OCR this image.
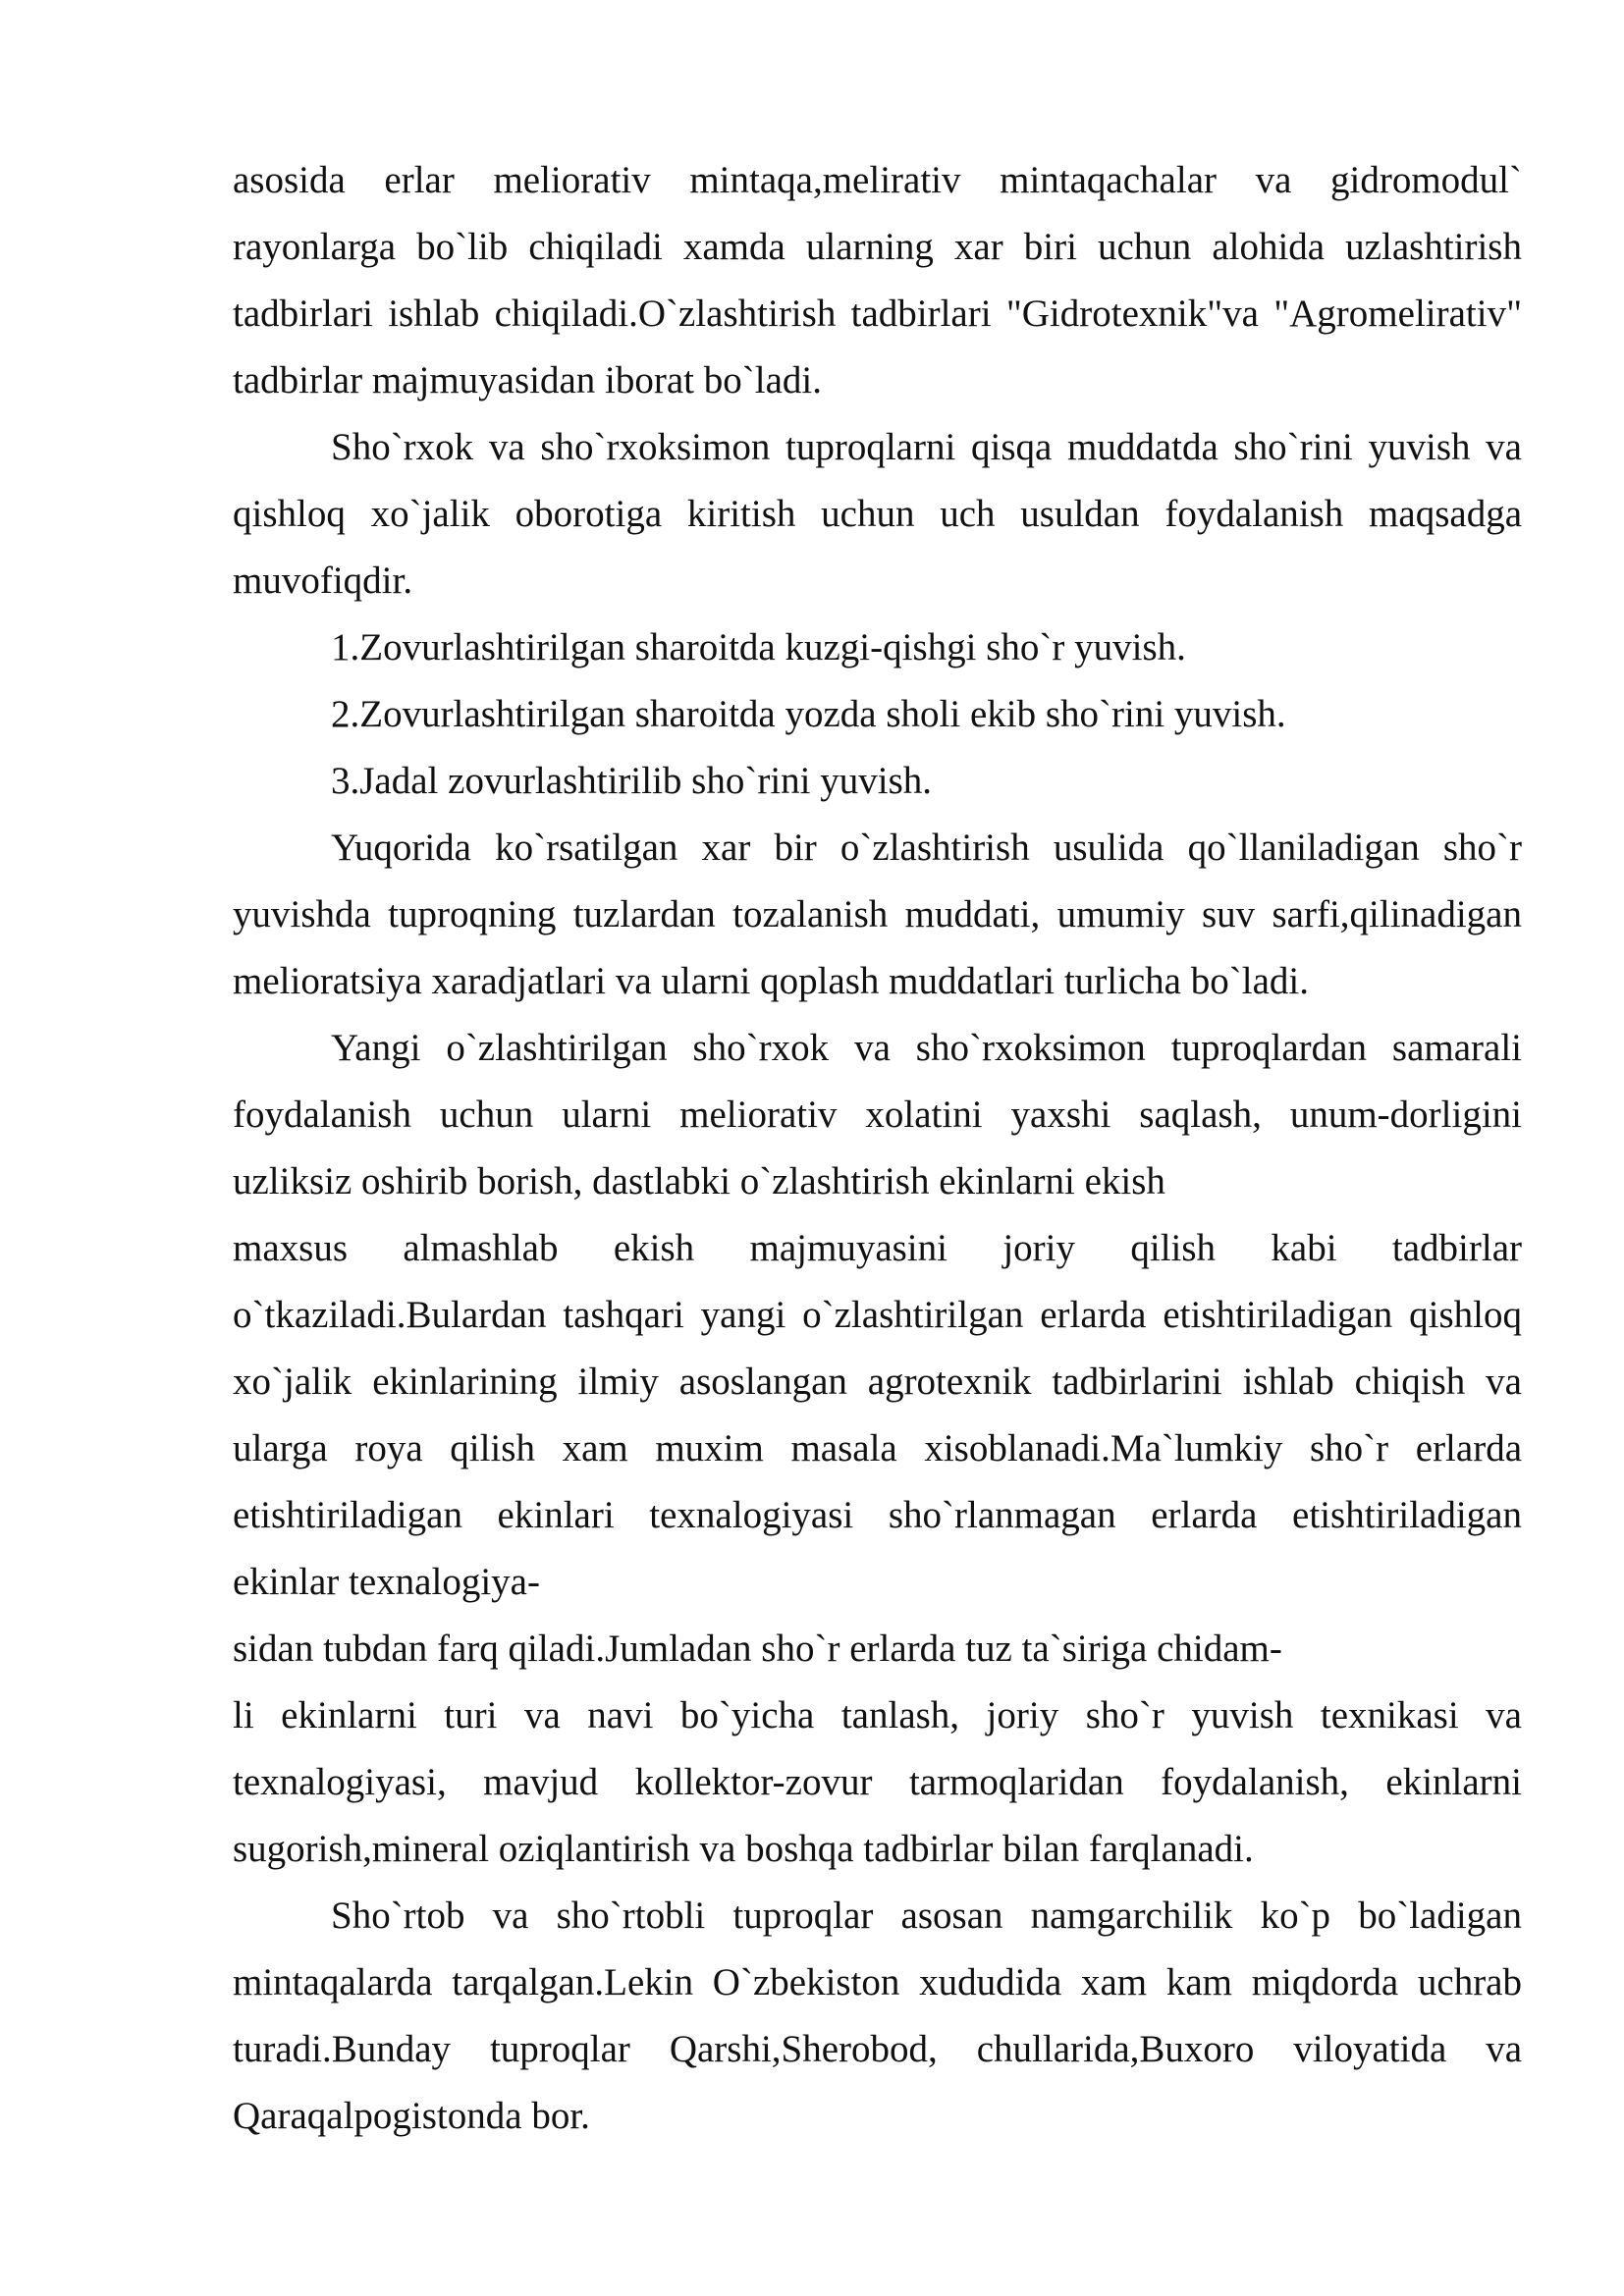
asosida erlar meliorativ mintaqa,melirativ mintaqachalar va gidromodul`
rayonlarga bo`lib chiqiladi xamda ularning xar biri uchun alohida uzlashtirish
tadbirlari ishlab chiqiladi.O`zlashtirish tadbirlari "Gidrotexnik"va "Agromelirativ"
tadbirlar majmuyasidan iborat bo`ladi.
Sho`rxok va sho`rxoksimon tuproqlarni qisqa muddatda sho`rini yuvish va
qishloq xo`jalik oborotiga kiritish uchun uch usuldan foydalanish maqsadga
muvofiqdir.
1.Zovurlashtirilgan sharoitda kuzgi-qishgi sho`r yuvish.
2.Zovurlashtirilgan sharoitda yozda sholi ekib sho`rini yuvish.
3.Jadal zovurlashtirilib sho`rini yuvish.
Yuqorida ko`rsatilgan xar bir o`zlashtirish usulida qo`llaniladigan sho`r
yuvishda tuproqning tuzlardan tozalanish muddati, umumiy suv sarfi,qilinadigan
melioratsiya xaradjatlari va ularni qoplash muddatlari turlicha bo`ladi.
Yangi o`zlashtirilgan sho`rxok va sho`rxoksimon tuproqlardan samarali
foydalanish uchun ularni meliorativ xolatini yaxshi saqlash, unum-dorligini
uzliksiz oshirib borish, dastlabki o`zlashtirish ekinlarni ekish
maxsus almashlab ekish majmuyasini joriy qilish kabi tadbirlar
o`tkaziladi.Bulardan tashqari yangi o`zlashtirilgan erlarda etishtiriladigan qishloq
xo`jalik ekinlarining ilmiy asoslangan agrotexnik tadbirlarini ishlab chiqish va
ularga roya qilish xam muxim masala xisoblanadi.Ma`lumkiy sho`r erlarda
etishtiriladigan ekinlari texnalogiyasi sho`rlanmagan erlarda etishtiriladigan
ekinlar texnalogiya-
sidan tubdan farq qiladi.Jumladan sho`r erlarda tuz ta`siriga chidam-
li ekinlarni turi va navi bo`yicha tanlash, joriy sho`r yuvish texnikasi va
texnalogiyasi, mavjud kollektor-zovur tarmoqlaridan foydalanish, ekinlarni
sugorish,mineral oziqlantirish va boshqa tadbirlar bilan farqlanadi.
Sho`rtob va sho`rtobli tuproqlar asosan namgarchilik ko`p bo`ladigan
mintaqalarda tarqalgan.Lekin O`zbekiston xududida xam kam miqdorda uchrab
turadi.Bunday tuproqlar Qarshi,Sherobod, chullarida,Buxoro viloyatida va
Qaraqalpogistonda bor.
